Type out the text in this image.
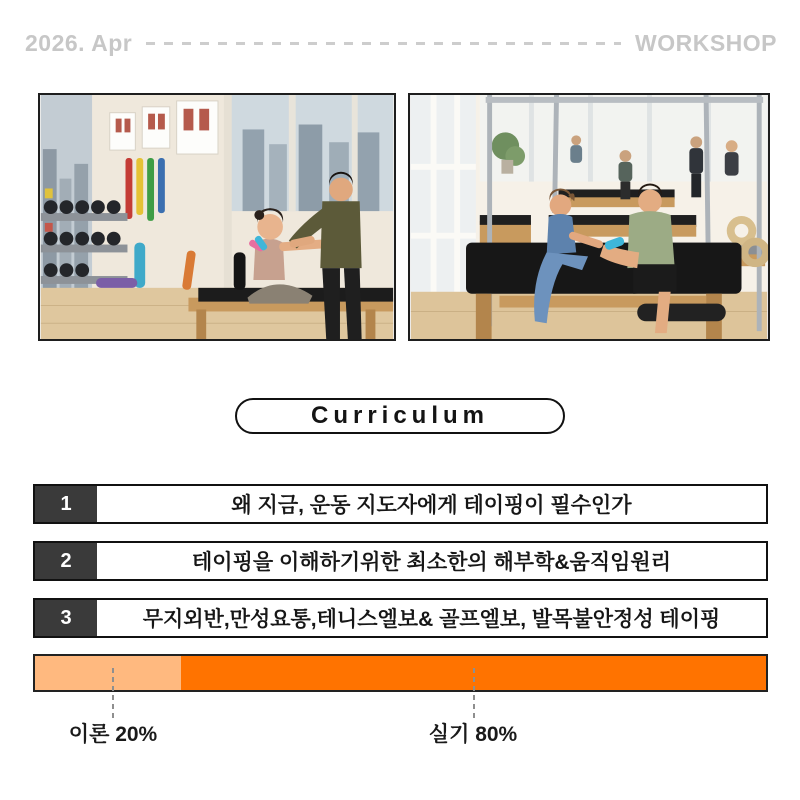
2026. Apr	WORKSHOP
Curriculum
1	왜 지금, 운동 지도자에게 테이핑이 필수인가
2	테이핑을 이해하기위한 최소한의 해부학&움직임원리
3	무지외반,만성요통,테니스엘보& 골프엘보, 발목불안정성 테이핑
이론 20%	실기 80%
